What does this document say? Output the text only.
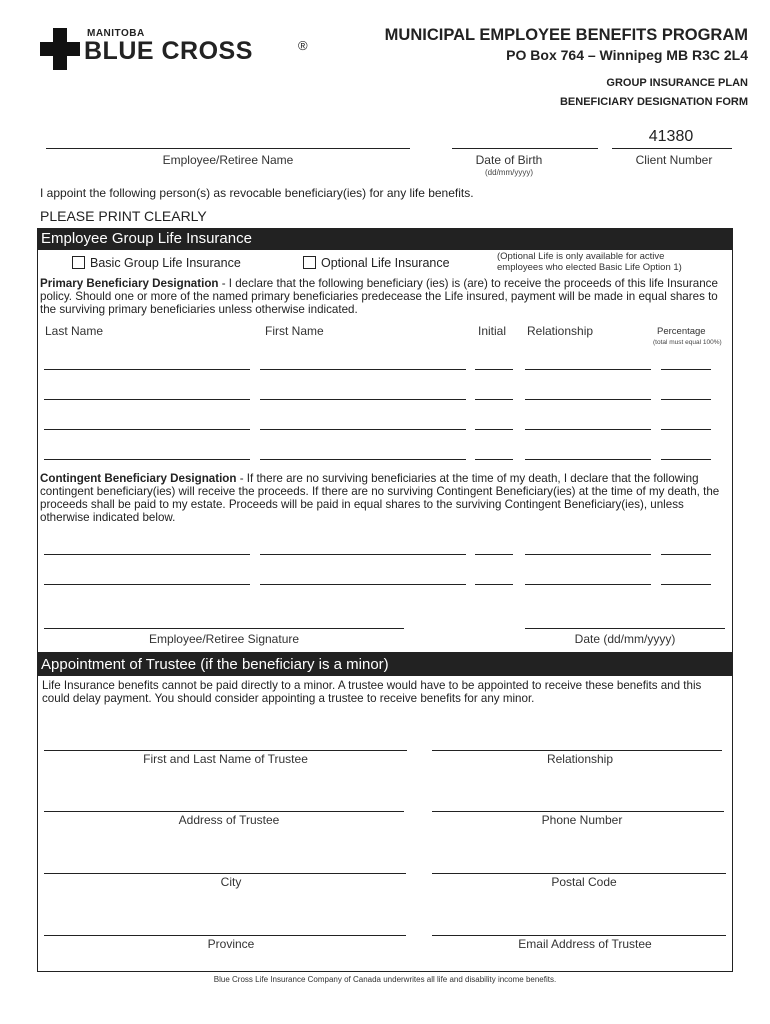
MANITOBA
BLUE CROSS	®
MUNICIPAL EMPLOYEE BENEFITS PROGRAM
PO Box 764 – Winnipeg MB R3C 2L4
GROUP INSURANCE PLAN
BENEFICIARY DESIGNATION FORM
41380
Employee/Retiree Name	Date of Birth
(dd/mm/yyyy)
Client Number
I appoint the following person(s) as revocable beneficiary(ies) for any life benefits.
PLEASE PRINT CLEARLY
Employee Group Life Insurance
Basic Group Life Insurance	Optional Life Insurance	(Optional Life is only available for active
employees who elected Basic Life Option 1)
Primary Beneficiary Designation - I declare that the following beneficiary (ies) is (are) to receive the proceeds of this life Insurance policy. Should one or more of the named primary beneficiaries predecease the Life insured, payment will be made in equal shares to the surviving primary beneficiaries unless otherwise indicated.
Last Name	First Name	Initial Relationship	Percentage
(total must equal 100%)
Contingent Beneficiary Designation - If there are no surviving beneficiaries at the time of my death, I declare that the following contingent beneficiary(ies) will receive the proceeds. If there are no surviving Contingent Beneficiary(ies) at the time of my death, the proceeds shall be paid to my estate. Proceeds will be paid in equal shares to the surviving Contingent Beneficiary(ies), unless otherwise indicated below.
Employee/Retiree Signature	Date (dd/mm/yyyy)
Appointment of Trustee (if the beneficiary is a minor)
Life Insurance benefits cannot be paid directly to a minor. A trustee would have to be appointed to receive these benefits and this could delay payment. You should consider appointing a trustee to receive benefits for any minor.
First and Last Name of Trustee	Relationship
Address of Trustee	Phone Number
City	Postal Code
Province	Email Address of Trustee
Blue Cross Life Insurance Company of Canada underwrites all life and disability income benefits.
